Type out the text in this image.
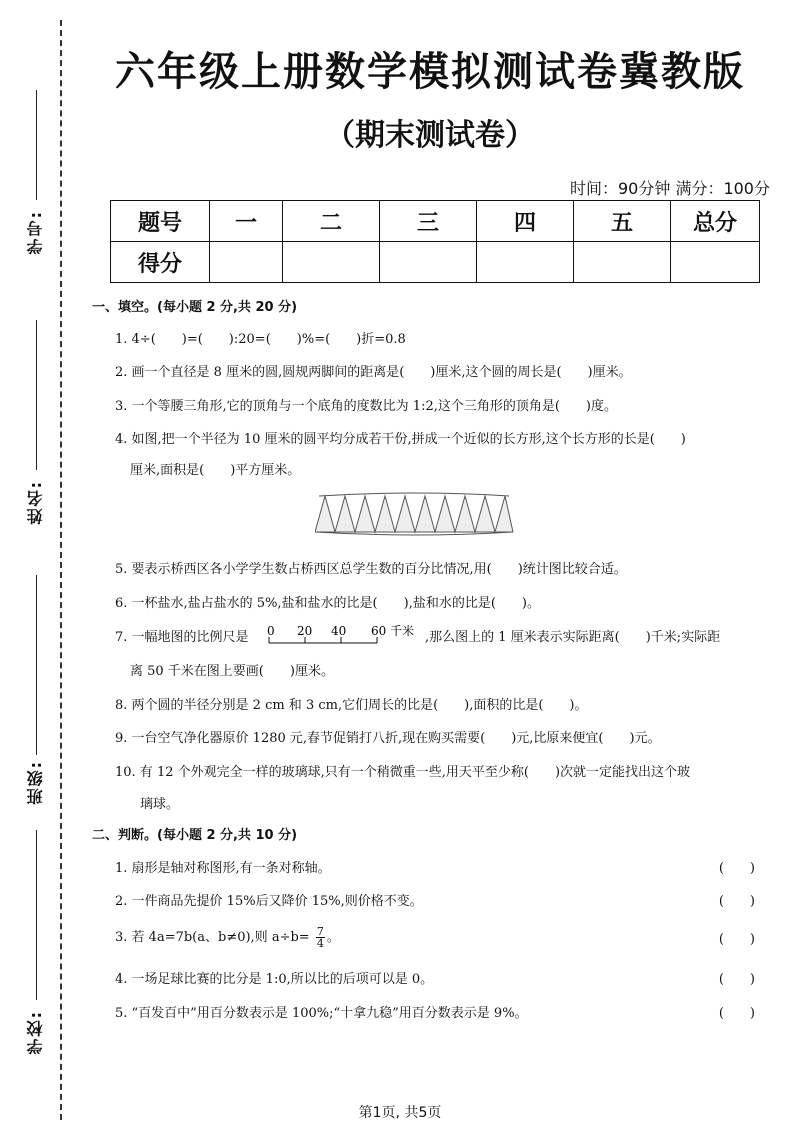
学号:
姓名:
班级:
学校:
六年级上册数学模拟测试卷冀教版
（期末测试卷）
时间：90分钟 满分：100分
题号	一	二	三	四	五	总分
得分						
一、填空。(每小题 2 分,共 20 分)
1. 4÷(　　)=(　　):20=(　　)%=(　　)折=0.8
2. 画一个直径是 8 厘米的圆,圆规两脚间的距离是(　　)厘米,这个圆的周长是(　　)厘米。
3. 一个等腰三角形,它的顶角与一个底角的度数比为 1:2,这个三角形的顶角是(　　)度。
4. 如图,把一个半径为 10 厘米的圆平均分成若干份,拼成一个近似的长方形,这个长方形的长是(　　)
厘米,面积是(　　)平方厘米。
5. 要表示桥西区各小学学生数占桥西区总学生数的百分比情况,用(　　)统计图比较合适。
6. 一杯盐水,盐占盐水的 5%,盐和盐水的比是(　　),盐和水的比是(　　)。
7. 一幅地图的比例尺是 0 20 40 60 千米 ,那么图上的 1 厘米表示实际距离(　　)千米;实际距
离 50 千米在图上要画(　　)厘米。
8. 两个圆的半径分别是 2 cm 和 3 cm,它们周长的比是(　　),面积的比是(　　)。
9. 一台空气净化器原价 1280 元,春节促销打八折,现在购买需要(　　)元,比原来便宜(　　)元。
10. 有 12 个外观完全一样的玻璃球,只有一个稍微重一些,用天平至少称(　　)次就一定能找出这个玻
璃球。
二、判断。(每小题 2 分,共 10 分)
1. 扇形是轴对称图形,有一条对称轴。	(　　)
2. 一件商品先提价 15%后又降价 15%,则价格不变。	(　　)
3. 若 4a=7b(a、b≠0),则 $a\div b= \frac{7}{4}$ 。	(　　)
4. 一场足球比赛的比分是 1:0,所以比的后项可以是 0。	(　　)
5. “百发百中”用百分数表示是 100%;“十拿九稳”用百分数表示是 9%。	(　　)
第1页, 共5页
